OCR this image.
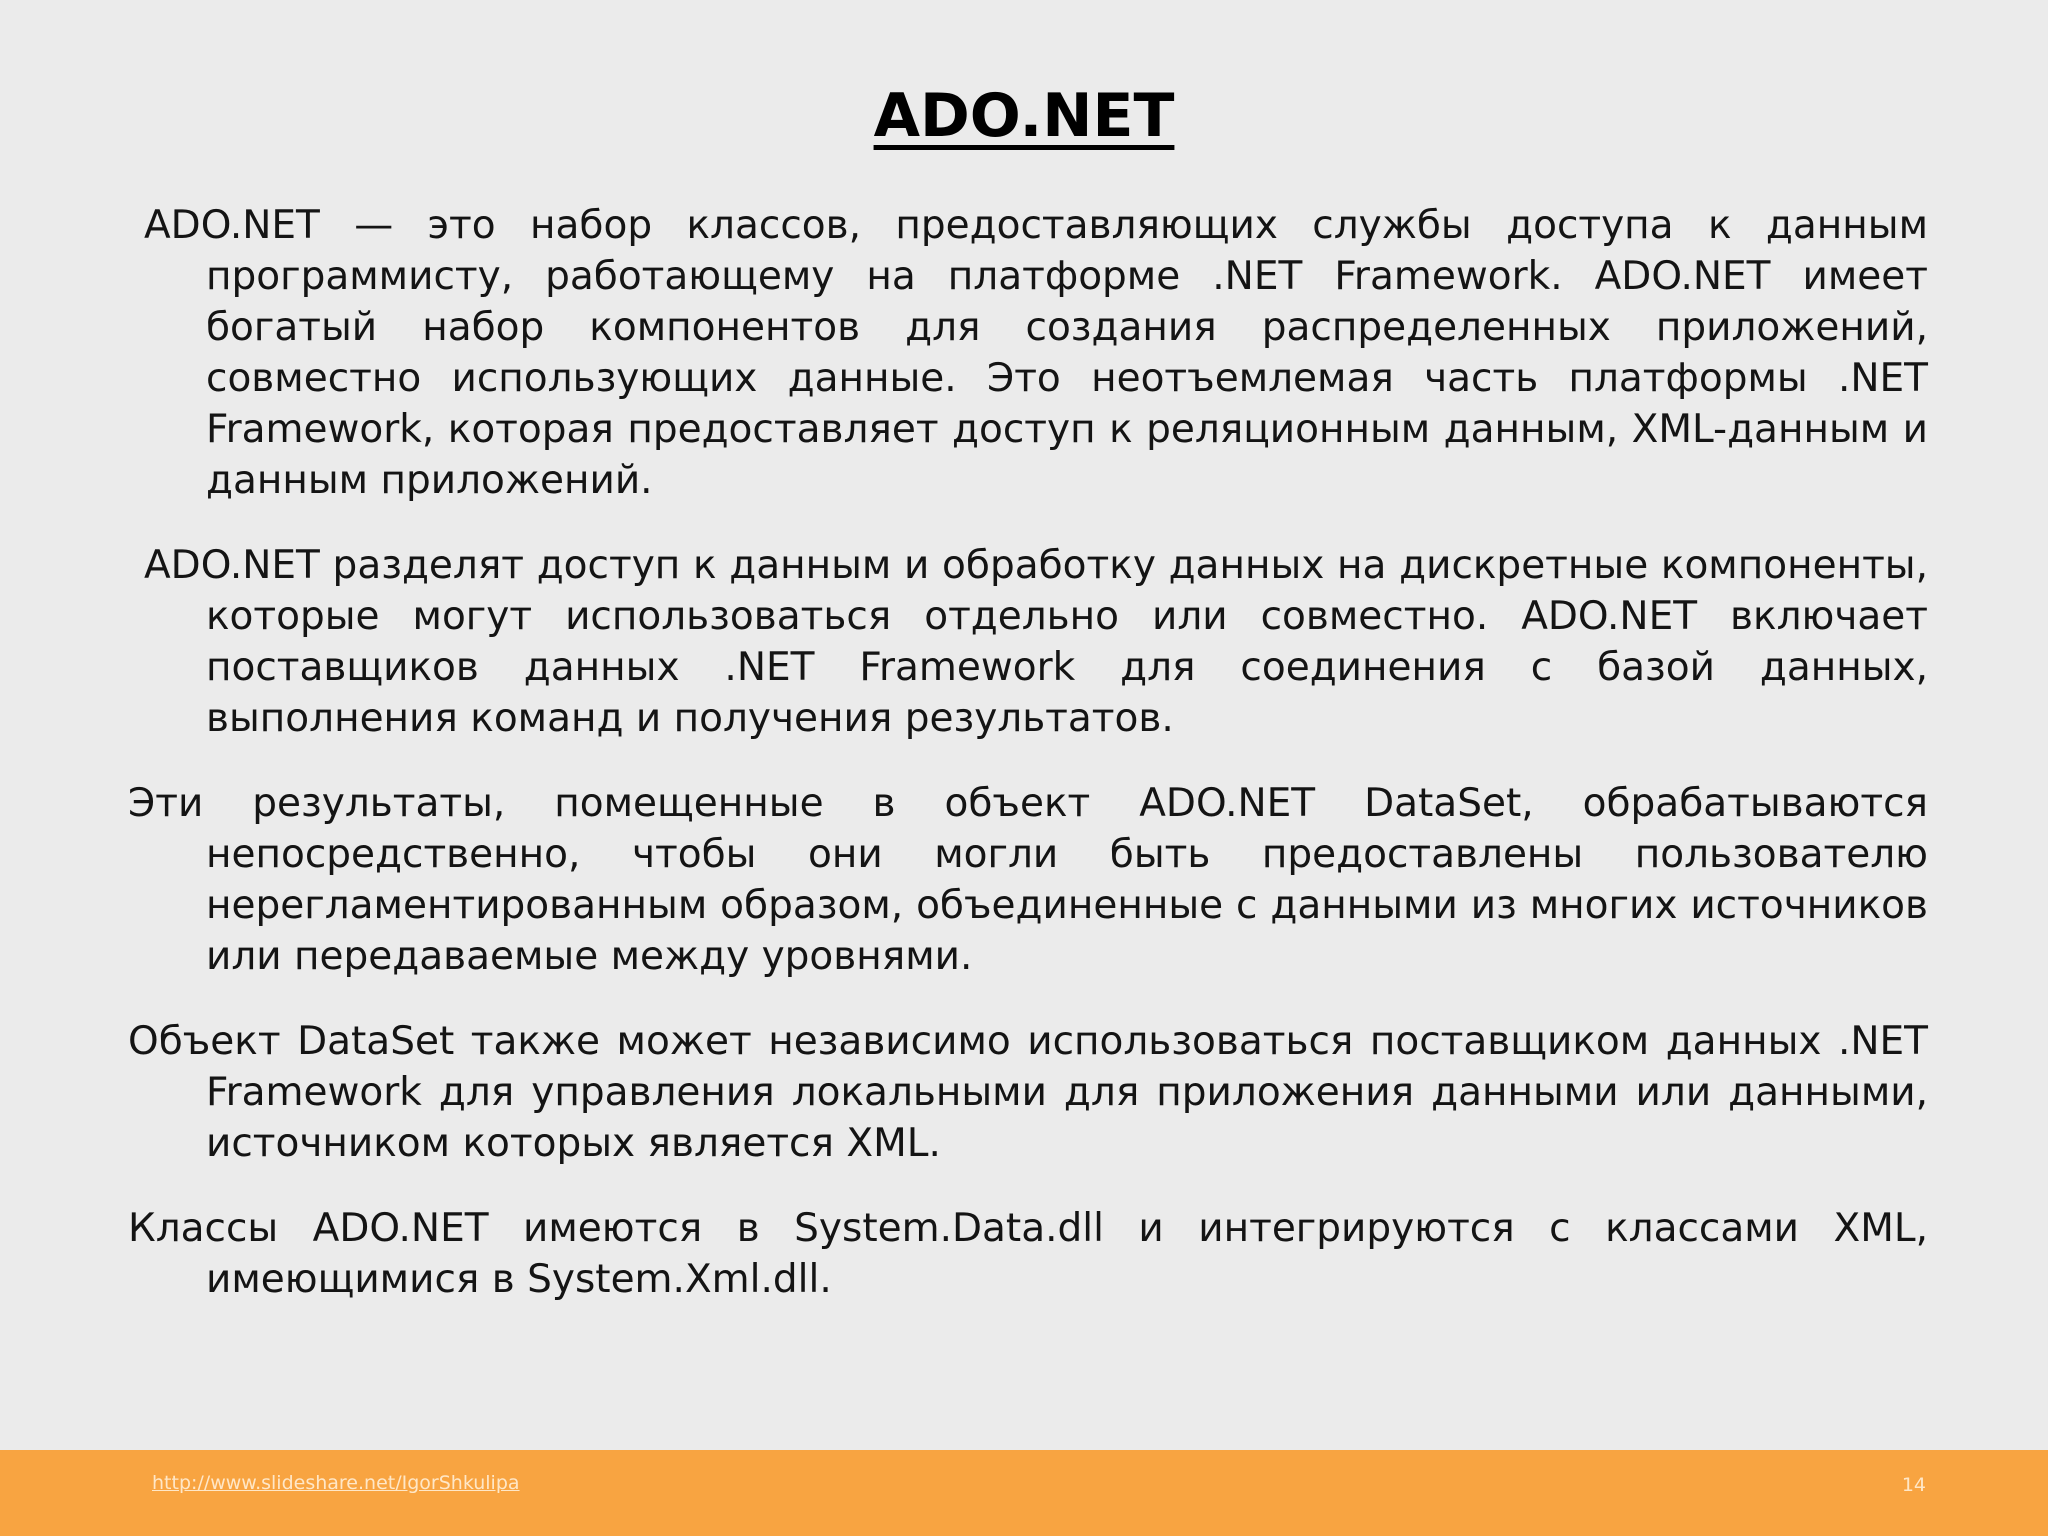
ADO.NET

ADO.NET — это набор классов, предоставляющих службы доступа к данным программисту, работающему на платформе .NET Framework. ADO.NET имеет богатый набор компонентов для создания распределенных приложений, совместно использующих данные. Это неотъемлемая часть платформы .NET Framework, которая предоставляет доступ к реляционным данным, XML-данным и данным приложений.

ADO.NET разделят доступ к данным и обработку данных на дискретные компоненты, которые могут использоваться отдельно или совместно. ADO.NET включает поставщиков данных .NET Framework для соединения с базой данных, выполнения команд и получения результатов.

Эти результаты, помещенные в объект ADO.NET DataSet, обрабатываются непосредственно, чтобы они могли быть предоставлены пользователю нерегламентированным образом, объединенные с данными из многих источников или передаваемые между уровнями.

Объект DataSet также может независимо использоваться поставщиком данных .NET Framework для управления локальными для приложения данными или данными, источником которых является XML.

Классы ADO.NET имеются в System.Data.dll и интегрируются с классами XML, имеющимися в System.Xml.dll.

http://www.slideshare.net/IgorShkulipa	14
